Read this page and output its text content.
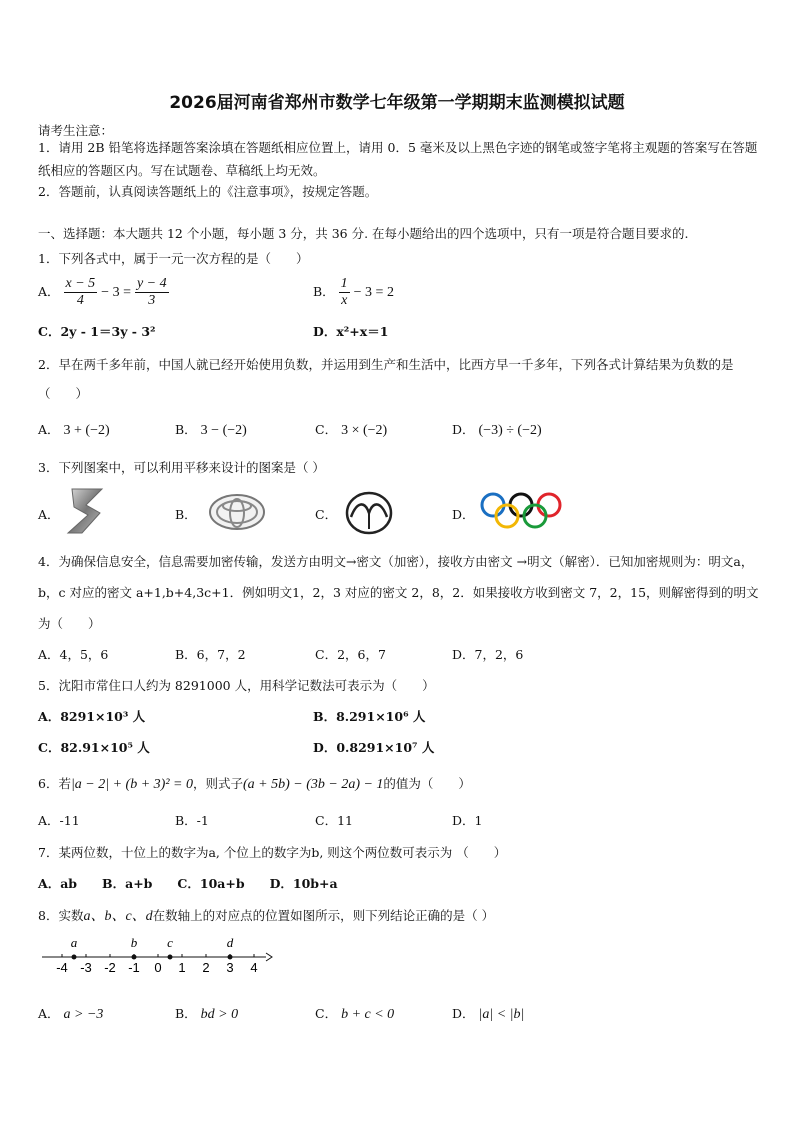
2026届河南省郑州市数学七年级第一学期期末监测模拟试题
请考生注意：
1．请用 2B 铅笔将选择题答案涂填在答题纸相应位置上，请用 0．5 毫米及以上黑色字迹的钢笔或签字笔将主观题的答案写在答题纸相应的答题区内。写在试题卷、草稿纸上均无效。
2．答题前，认真阅读答题纸上的《注意事项》，按规定答题。
一、选择题：本大题共 12 个小题，每小题 3 分，共 36 分. 在每小题给出的四个选项中，只有一项是符合题目要求的.
1．下列各式中，属于一元一次方程的是（　　）
A． $\frac{x - 5}{4} - 3 = \frac{y - 4}{3}$	B． $\frac{1}{x} - 3 = 2$
C．2y - 1＝3y - 3²	D．x²+x＝1
2．早在两千多年前，中国人就已经开始使用负数，并运用到生产和生活中，比西方早一千多年，下列各式计算结果为负数的是（　　）
A． 3 + (−2)	B． 3 − (−2)	C． 3 × (−2)	D． (−3) ÷ (−2)
3．下列图案中，可以利用平移来设计的图案是（ ）
A．	B．	C．	D．
4．为确保信息安全，信息需要加密传输，发送方由明文→密文（加密），接收方由密文 →明文（解密）．已知加密规则为：明文a，b，c 对应的密文 a+1,b+4,3c+1．例如明文1，2，3 对应的密文 2，8，2．如果接收方收到密文 7，2，15，则解密得到的明文为（　　）
A．4，5，6	B．6，7，2	C．2，6，7	D．7，2，6
5．沈阳市常住口人约为 8291000 人，用科学记数法可表示为（　　）
A．8291×10³ 人	B．8.291×10⁶ 人
C．82.91×10⁵ 人	D．0.8291×10⁷ 人
6．若|a − 2| + (b + 3)² = 0，则式子(a + 5b) − (3b − 2a) − 1的值为（　　）
A．-11	B．-1	C．11	D．1
7．某两位数，十位上的数字为a, 个位上的数字为b, 则这个两位数可表示为 （　　）
A．ab　　B．a+b　　C．10a+b　　D．10b+a
8．实数a、b、c、d在数轴上的对应点的位置如图所示，则下列结论正确的是（ ）
-4 -3 -2 -1 0 1 2 3 4
a	b c	d
A． a > −3	B． bd > 0	C． b + c < 0	D． |a| < |b|
